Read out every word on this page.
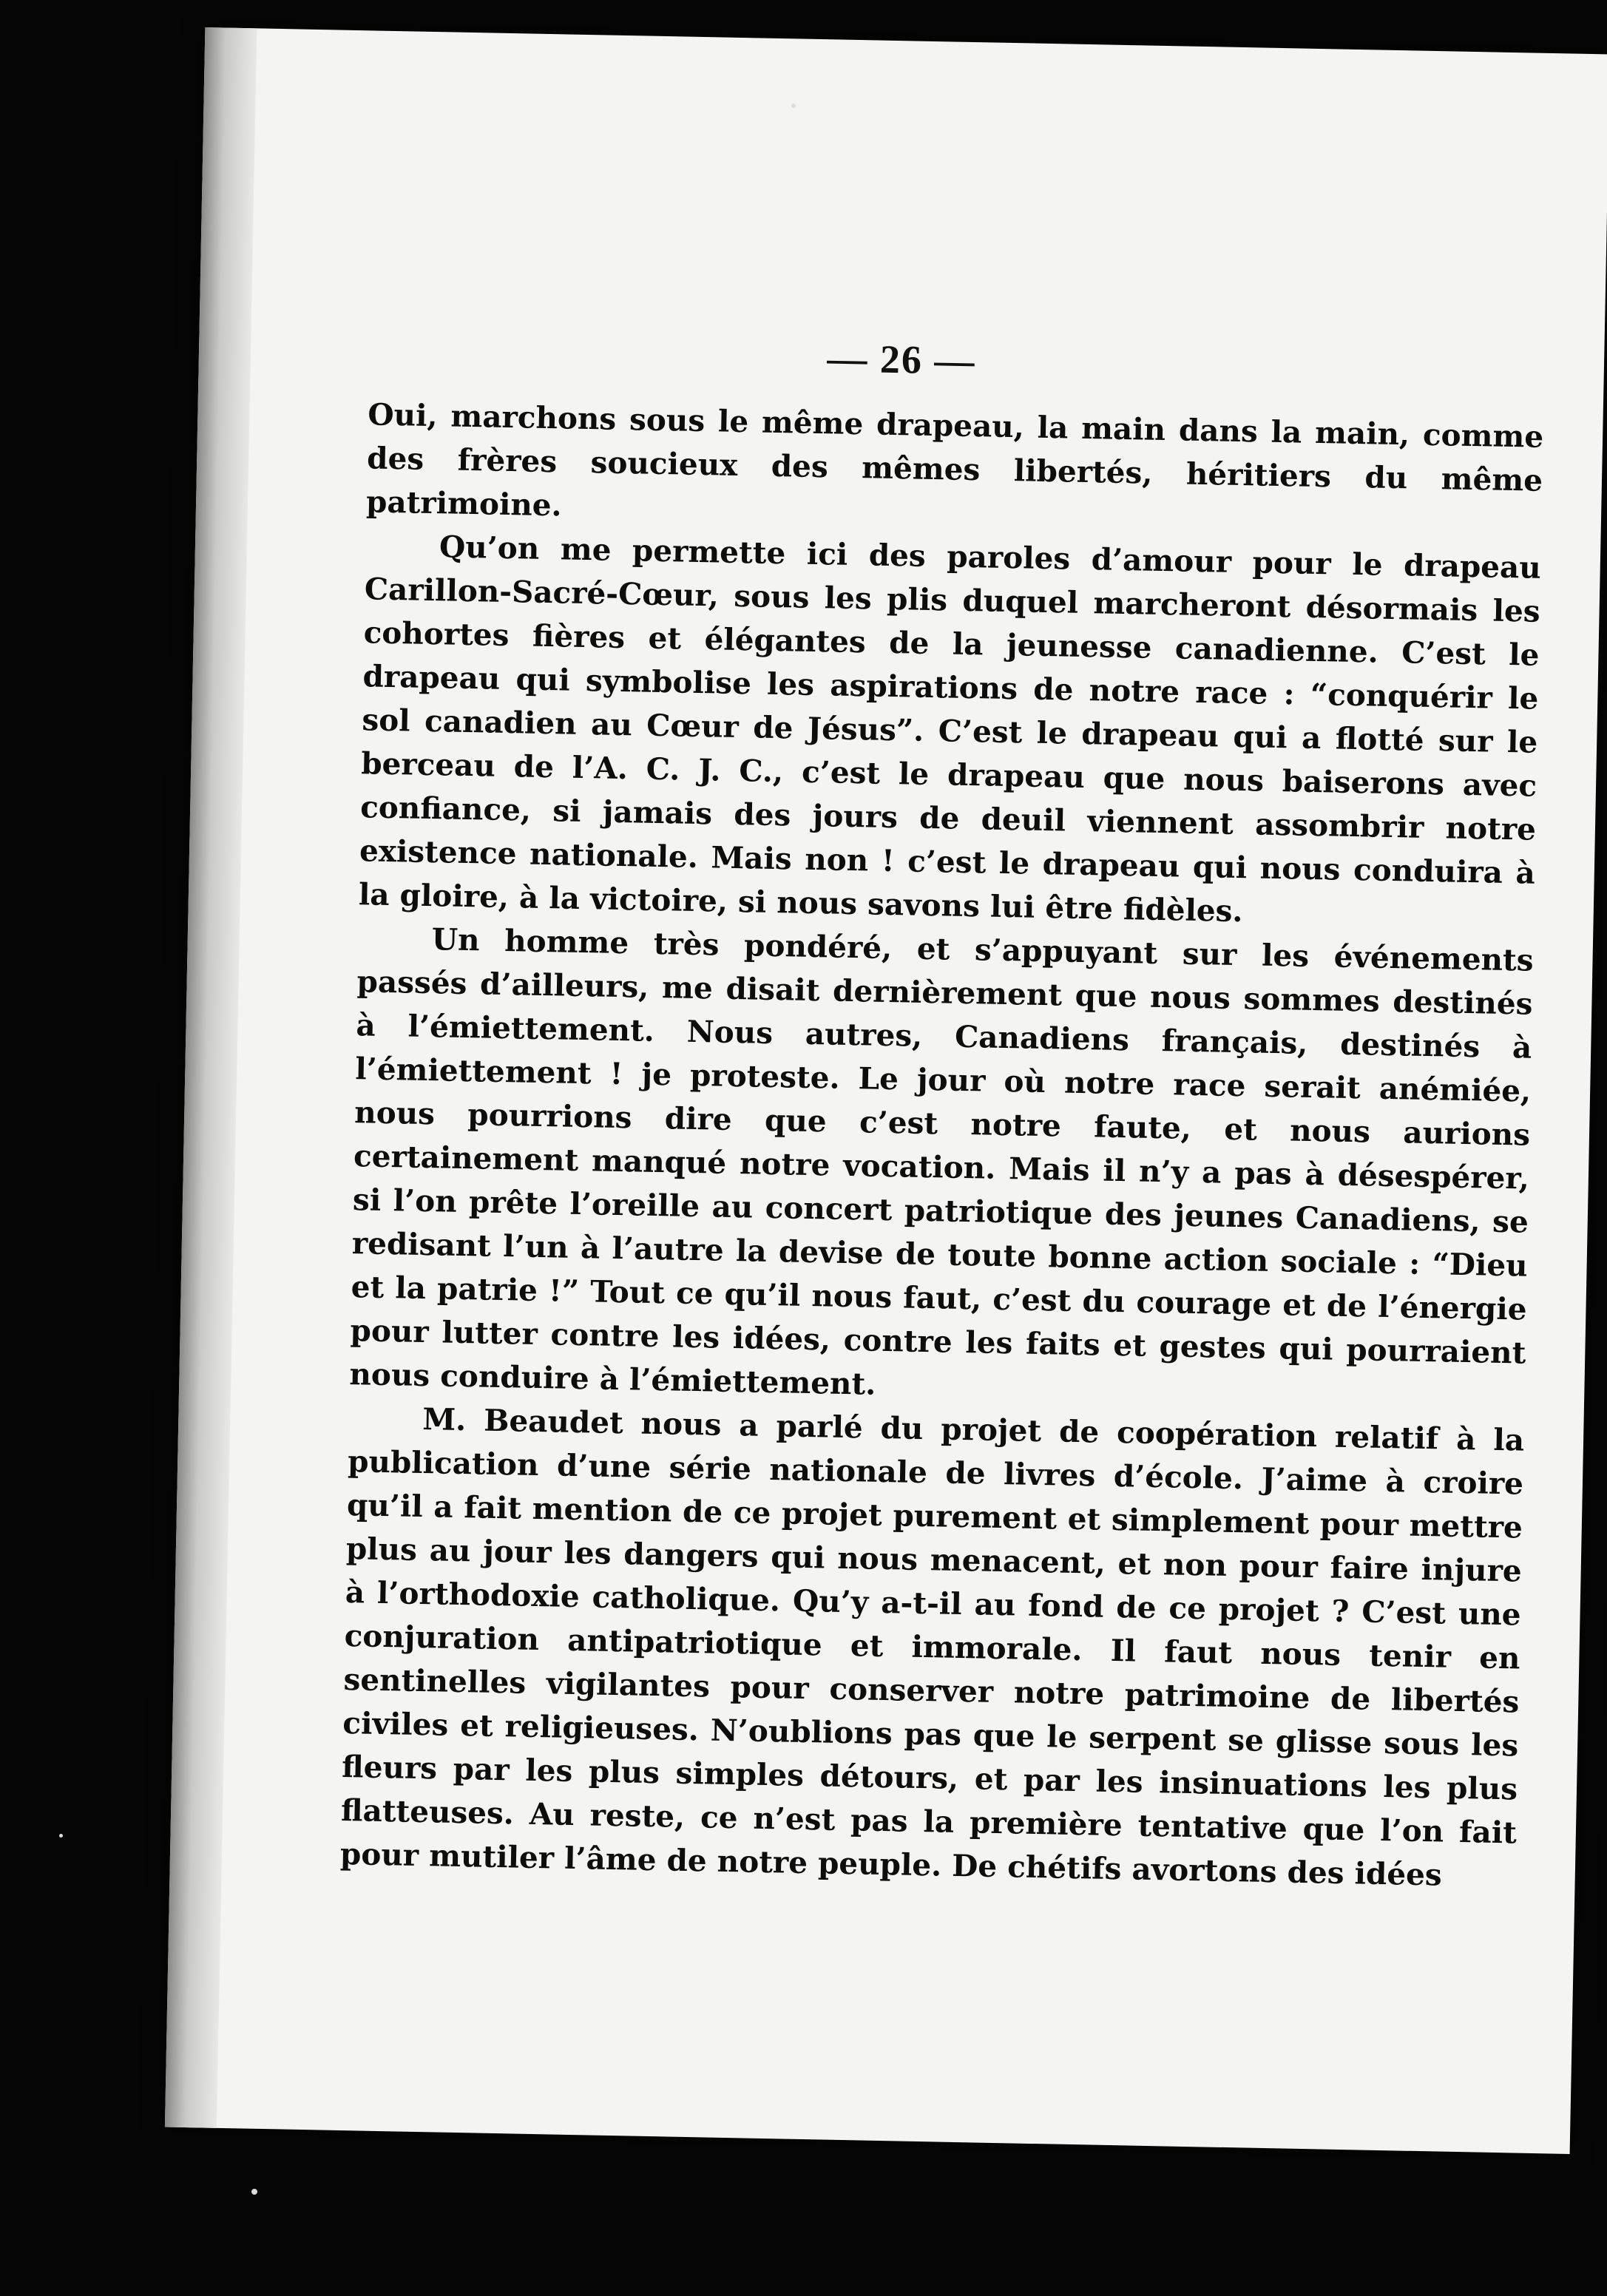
— 26 —

Oui, marchons sous le même drapeau, la main dans la main, comme des frères soucieux des mêmes libertés, héritiers du même patrimoine.

Qu’on me permette ici des paroles d’amour pour le drapeau Carillon-Sacré-Cœur, sous les plis duquel marcheront désormais les cohortes fières et élégantes de la jeunesse canadienne. C’est le drapeau qui symbolise les aspirations de notre race : “conquérir le sol canadien au Cœur de Jésus”. C’est le drapeau qui a flotté sur le berceau de l’A. C. J. C., c’est le drapeau que nous baiserons avec confiance, si jamais des jours de deuil viennent assombrir notre existence nationale. Mais non ! c’est le drapeau qui nous conduira à la gloire, à la victoire, si nous savons lui être fidèles.

Un homme très pondéré, et s’appuyant sur les événements passés d’ailleurs, me disait dernièrement que nous sommes destinés à l’émiettement. Nous autres, Canadiens français, destinés à l’émiettement ! je proteste. Le jour où notre race serait anémiée, nous pourrions dire que c’est notre faute, et nous aurions certainement manqué notre vocation. Mais il n’y a pas à désespérer, si l’on prête l’oreille au concert patriotique des jeunes Canadiens, se redisant l’un à l’autre la devise de toute bonne action sociale : “Dieu et la patrie !” Tout ce qu’il nous faut, c’est du courage et de l’énergie pour lutter contre les idées, contre les faits et gestes qui pourraient nous conduire à l’émiettement.

M. Beaudet nous a parlé du projet de coopération relatif à la publication d’une série nationale de livres d’école. J’aime à croire qu’il a fait mention de ce projet purement et simplement pour mettre plus au jour les dangers qui nous menacent, et non pour faire injure à l’orthodoxie catholique. Qu’y a-t-il au fond de ce projet ? C’est une conjuration antipatriotique et immorale. Il faut nous tenir en sentinelles vigilantes pour conserver notre patrimoine de libertés civiles et religieuses. N’oublions pas que le serpent se glisse sous les fleurs par les plus simples détours, et par les insinuations les plus flatteuses. Au reste, ce n’est pas la première tentative que l’on fait pour mutiler l’âme de notre peuple. De chétifs avortons des idées
